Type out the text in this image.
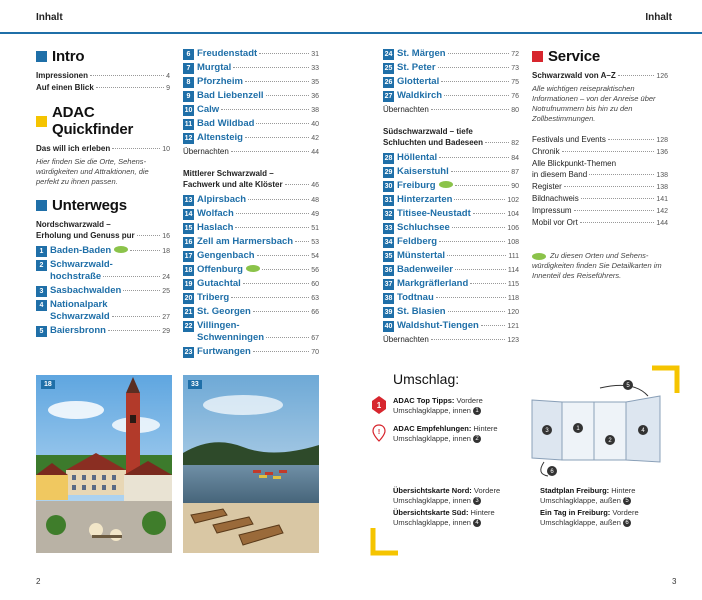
Inhalt	Inhalt
Intro
Impressionen	4
Auf einen Blick	9
ADAC Quickfinder
Das will ich erleben	10
Hier finden Sie die Orte, Sehenswürdigkeiten und Attraktionen, die perfekt zu ihnen passen.
Unterwegs
Nordschwarzwald –
Erholung und Genuss pur	16
1 Baden-Baden	18
2 Schwarzwald-
hochstraße	24
3 Sasbachwalden	25
4 Nationalpark
Schwarzwald	27
5 Baiersbronn	29
6 Freudenstadt	31
7 Murgtal	33
8 Pforzheim	35
9 Bad Liebenzell	36
10 Calw	38
11 Bad Wildbad	40
12 Altensteig	42
Übernachten	44
Mittlerer Schwarzwald –
Fachwerk und alte Klöster	46
13 Alpirsbach	48
14 Wolfach	49
15 Haslach	51
16 Zell am Harmersbach	53
17 Gengenbach	54
18 Offenburg	56
19 Gutachtal	60
20 Triberg	63
21 St. Georgen	66
22 Villingen-
Schwenningen	67
23 Furtwangen	70
24 St. Märgen	72
25 St. Peter	73
26 Glottertal	75
27 Waldkirch	76
Übernachten	80
Südschwarzwald – tiefe
Schluchten und Badeseen	82
28 Höllental	84
29 Kaiserstuhl	87
30 Freiburg	90
31 Hinterzarten	102
32 Titisee-Neustadt	104
33 Schluchsee	106
34 Feldberg	108
35 Münstertal	111
36 Badenweiler	114
37 Markgräflerland	115
38 Todtnau	118
39 St. Blasien	120
40 Waldshut-Tiengen	121
Übernachten	123
Service
Schwarzwald von A–Z	126
Alle wichtigen reisepraktischen Informationen – von der Anreise über Notrufnummern bis hin zu den Zollbestimmungen.
Festivals und Events	128
Chronik	136
Alle Blickpunkt-Themen
in diesem Band	138
Register	138
Bildnachweis	141
Impressum	142
Mobil vor Ort	144
Zu diesen Orten und Sehenswürdigkeiten finden Sie Detailkarten im Innenteil des Reiseführers.
18	33	Umschlag:
1
ADAC Top Tipps: Vordere Umschlagklappe, innen 1
! ADAC Empfehlungen: Hintere Umschlagklappe, innen 2
Übersichtskarte Nord: Vordere Umschlagklappe, innen 3
Übersichtskarte Süd: Hintere Umschlagklappe, innen 4
Stadtplan Freiburg: Hintere Umschlagklappe, außen 5
Ein Tag in Freiburg: Vordere Umschlagklappe, außen 6
3	1
2
4
5
6
2	3
